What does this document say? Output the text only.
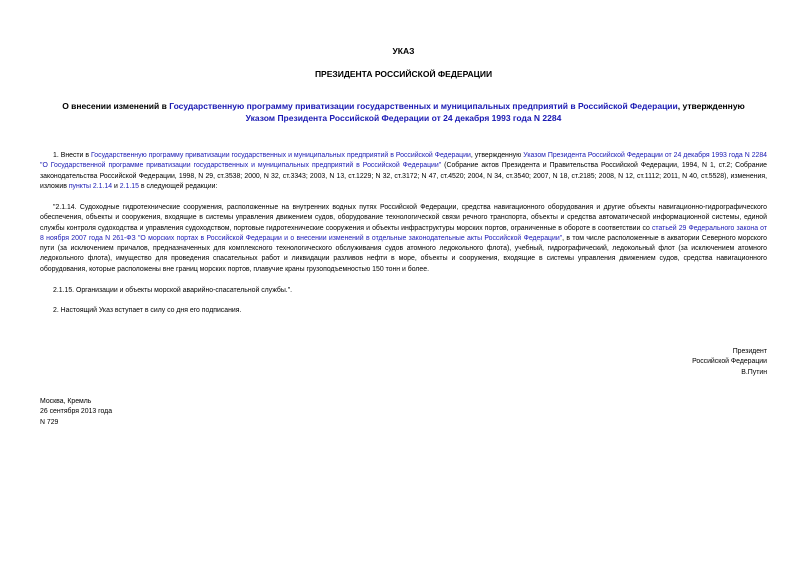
УКАЗ
ПРЕЗИДЕНТА РОССИЙСКОЙ ФЕДЕРАЦИИ
О внесении изменений в Государственную программу приватизации государственных и муниципальных предприятий в Российской Федерации, утвержденную
Указом Президента Российской Федерации от 24 декабря 1993 года N 2284
1. Внести в Государственную программу приватизации государственных и муниципальных предприятий в Российской Федерации, утвержденную Указом Президента Российской Федерации от 24 декабря 1993 года N 2284 "О Государственной программе приватизации государственных и муниципальных предприятий в Российской Федерации" (Собрание актов Президента и Правительства Российской Федерации, 1994, N 1, ст.2; Собрание законодательства Российской Федерации, 1998, N 29, ст.3538; 2000, N 32, ст.3343; 2003, N 13, ст.1229; N 32, ст.3172; N 47, ст.4520; 2004, N 34, ст.3540; 2007, N 18, ст.2185; 2008, N 12, ст.1112; 2011, N 40, ст.5528), изменения, изложив пункты 2.1.14 и 2.1.15 в следующей редакции:
"2.1.14. Судоходные гидротехнические сооружения, расположенные на внутренних водных путях Российской Федерации, средства навигационного оборудования и другие объекты навигационно-гидрографического обеспечения, объекты и сооружения, входящие в системы управления движением судов, оборудование технологической связи речного транспорта, объекты и средства автоматической информационной системы, единой службы контроля судоходства и управления судоходством, портовые гидротехнические сооружения и объекты инфраструктуры морских портов, ограниченные в обороте в соответствии со статьей 29 Федерального закона от 8 ноября 2007 года N 261-ФЗ "О морских портах в Российской Федерации и о внесении изменений в отдельные законодательные акты Российской Федерации", в том числе расположенные в акватории Северного морского пути (за исключением причалов, предназначенных для комплексного технологического обслуживания судов атомного ледокольного флота), учебный, гидрографический, ледокольный флот (за исключением атомного ледокольного флота), имущество для проведения спасательных работ и ликвидации разливов нефти в море, объекты и сооружения, входящие в системы управления движением судов, средства навигационного оборудования, которые расположены вне границ морских портов, плавучие краны грузоподъемностью 150 тонн и более.
2.1.15. Организации и объекты морской аварийно-спасательной службы.".
2. Настоящий Указ вступает в силу со дня его подписания.
Президент
Российской Федерации
В.Путин
Москва, Кремль
26 сентября 2013 года
N 729
